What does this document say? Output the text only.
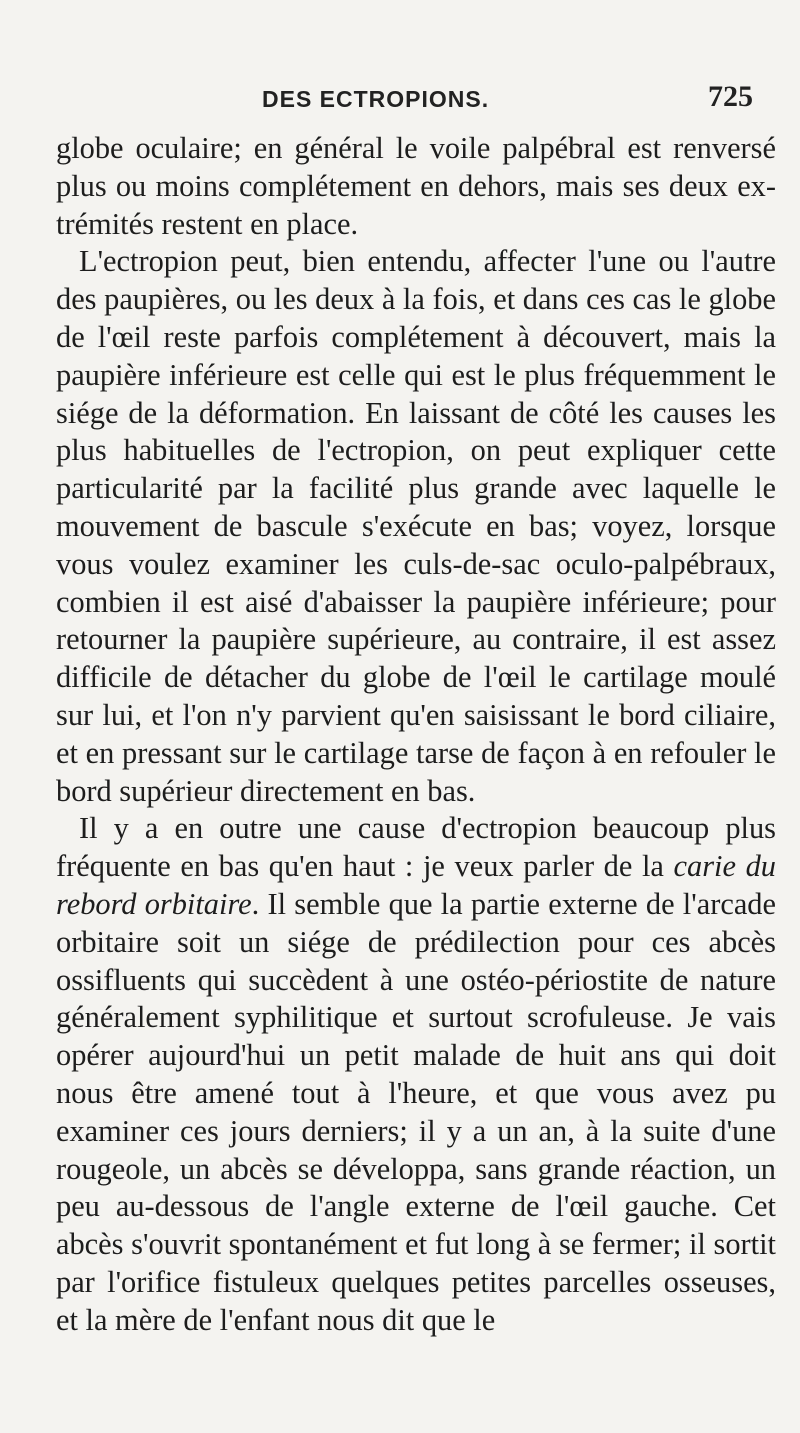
DES ECTROPIONS.	725

globe oculaire; en général le voile palpébral est renversé plus ou moins complétement en dehors, mais ses deux ex- trémités restent en place.

L'ectropion peut, bien entendu, affecter l'une ou l'autre des paupières, ou les deux à la fois, et dans ces cas le globe de l'œil reste parfois complétement à découvert, mais la paupière inférieure est celle qui est le plus fréquemment le siége de la déformation. En laissant de côté les causes les plus habituelles de l'ectropion, on peut expliquer cette particularité par la facilité plus grande avec laquelle le mouvement de bascule s'exécute en bas; voyez, lorsque vous voulez examiner les culs-de-sac oculo-palpébraux, combien il est aisé d'abaisser la paupière inférieure; pour retourner la paupière supérieure, au contraire, il est assez difficile de détacher du globe de l'œil le cartilage moulé sur lui, et l'on n'y parvient qu'en saisissant le bord ciliaire, et en pressant sur le cartilage tarse de façon à en refouler le bord supérieur directement en bas.

Il y a en outre une cause d'ectropion beaucoup plus fréquente en bas qu'en haut : je veux parler de la carie du rebord orbitaire. Il semble que la partie externe de l'arcade orbitaire soit un siége de prédilection pour ces abcès ossifluents qui succèdent à une ostéo-périostite de nature généralement syphilitique et surtout scrofuleuse. Je vais opérer aujourd'hui un petit malade de huit ans qui doit nous être amené tout à l'heure, et que vous avez pu examiner ces jours derniers; il y a un an, à la suite d'une rougeole, un abcès se développa, sans grande réaction, un peu au-dessous de l'angle externe de l'œil gauche. Cet abcès s'ouvrit spontanément et fut long à se fermer; il sortit par l'orifice fistuleux quelques petites parcelles osseuses, et la mère de l'enfant nous dit que le
